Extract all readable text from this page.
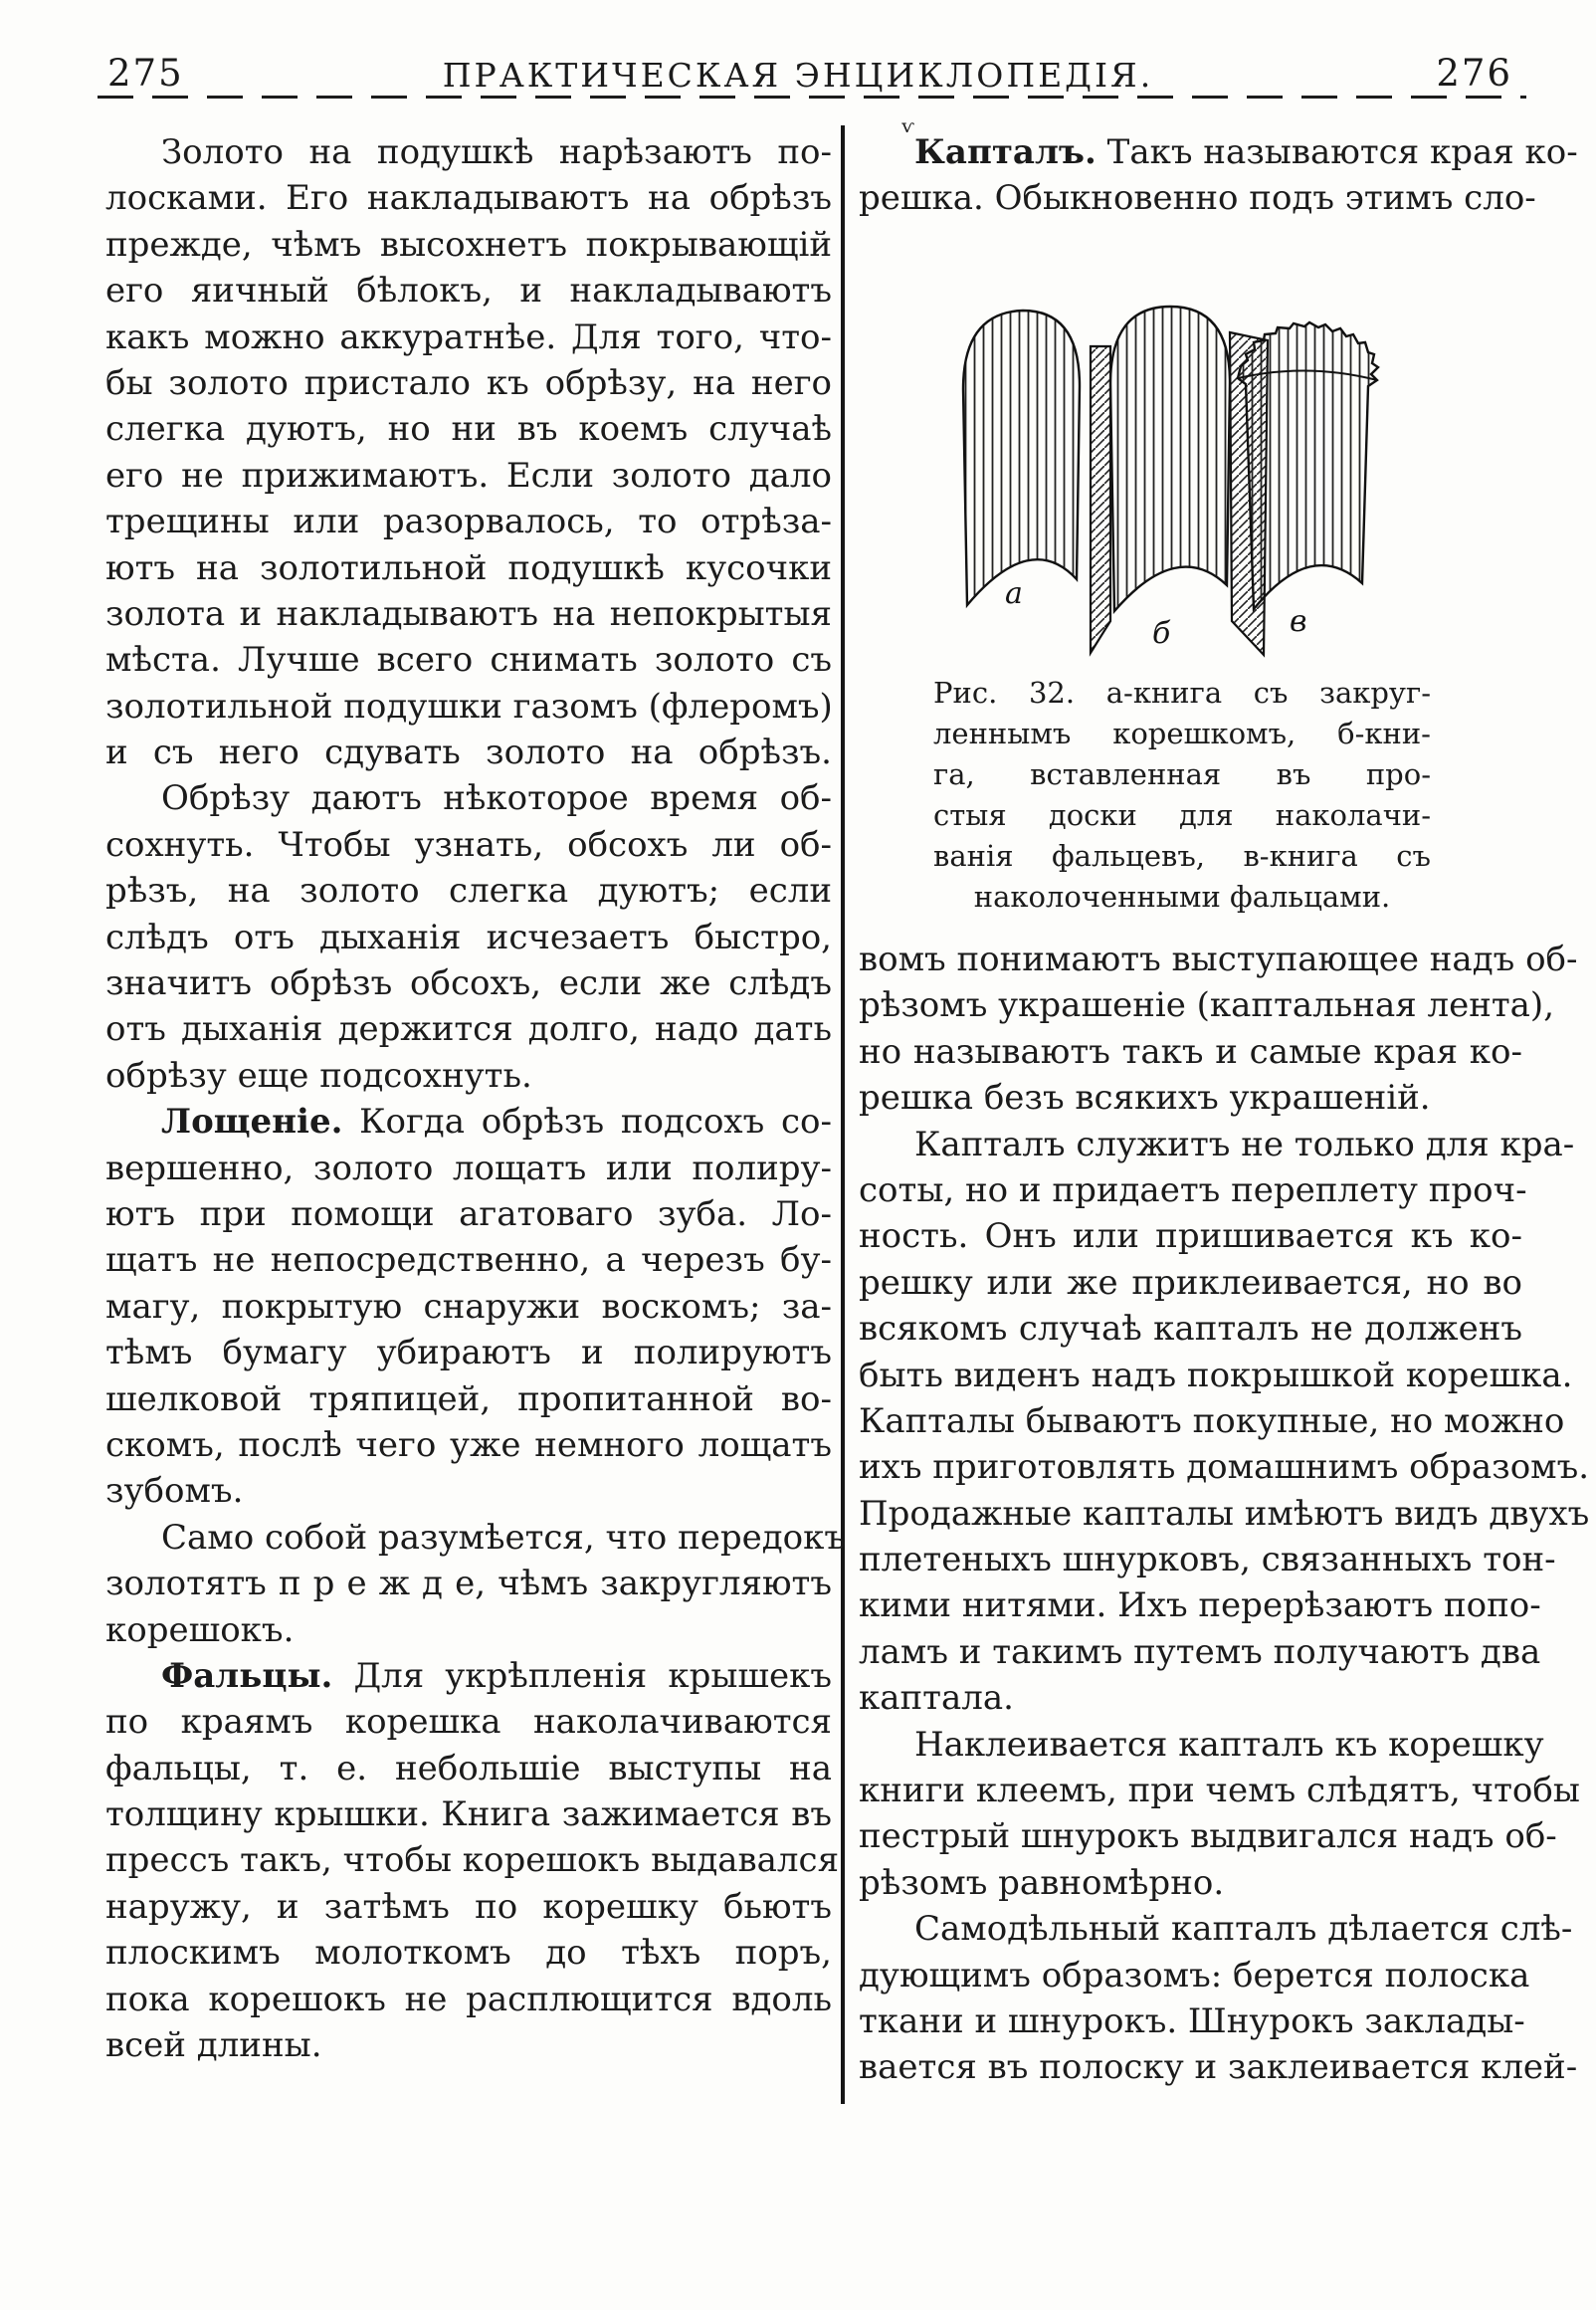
275	ПРАКТИЧЕСКАЯ ЭНЦИКЛОПЕДІЯ.	276
ѵ
Золото на подушкѣ нарѣзаютъ по-
лосками. Его накладываютъ на обрѣзъ
прежде, чѣмъ высохнетъ покрывающій
его яичный бѣлокъ, и накладываютъ
какъ можно аккуратнѣе. Для того, что-
бы золото пристало къ обрѣзу, на него
слегка дуютъ, но ни въ коемъ случаѣ
его не прижимаютъ. Если золото дало
трещины или разорвалось, то отрѣза-
ютъ на золотильной подушкѣ кусочки
золота и накладываютъ на непокрытыя
мѣста. Лучше всего снимать золото съ
золотильной подушки газомъ (флеромъ)
и съ него сдувать золото на обрѣзъ.
Обрѣзу даютъ нѣкоторое время об-
сохнуть. Чтобы узнать, обсохъ ли об-
рѣзъ, на золото слегка дуютъ; если
слѣдъ отъ дыханія исчезаетъ быстро,
значитъ обрѣзъ обсохъ, если же слѣдъ
отъ дыханія держится долго, надо дать
обрѣзу еще подсохнуть.
Лощеніе. Когда обрѣзъ подсохъ со-
вершенно, золото лощатъ или полиру-
ютъ при помощи агатоваго зуба. Ло-
щатъ не непосредственно, а черезъ бу-
магу, покрытую снаружи воскомъ; за-
тѣмъ бумагу убираютъ и полируютъ
шелковой тряпицей, пропитанной во-
скомъ, послѣ чего уже немного лощатъ
зубомъ.
Само собой разумѣется, что передокъ
золотятъ п р е ж д е, чѣмъ закругляютъ
корешокъ.
Фальцы. Для укрѣпленія крышекъ
по краямъ корешка наколачиваются
фальцы, т. е. небольшіе выступы на
толщину крышки. Книга зажимается въ
прессъ такъ, чтобы корешокъ выдавался
наружу, и затѣмъ по корешку бьютъ
плоскимъ молоткомъ до тѣхъ поръ,
пока корешокъ не расплющится вдоль
всей длины.
Капталъ. Такъ называются края ко-
решка. Обыкновенно подъ этимъ сло-
а
б	в
Рис. 32. а-книга съ закруг-
леннымъ корешкомъ, б-кни-
га, вставленная въ про-
стыя доски для наколачи-
ванія фальцевъ, в-книга съ
наколоченными фальцами.
вомъ понимаютъ выступающее надъ об-
рѣзомъ украшеніе (каптальная лента),
но называютъ такъ и самые края ко-
решка безъ всякихъ украшеній.
Капталъ служитъ не только для кра-
соты, но и придаетъ переплету проч-
ность. Онъ или пришивается къ ко-
решку или же приклеивается, но во
всякомъ случаѣ капталъ не долженъ
быть виденъ надъ покрышкой корешка.
Капталы бываютъ покупные, но можно
ихъ приготовлять домашнимъ образомъ.
Продажные капталы имѣютъ видъ двухъ
плетеныхъ шнурковъ, связанныхъ тон-
кими нитями. Ихъ перерѣзаютъ попо-
ламъ и такимъ путемъ получаютъ два
каптала.
Наклеивается капталъ къ корешку
книги клеемъ, при чемъ слѣдятъ, чтобы
пестрый шнурокъ выдвигался надъ об-
рѣзомъ равномѣрно.
Самодѣльный капталъ дѣлается слѣ-
дующимъ образомъ: берется полоска
ткани и шнурокъ. Шнурокъ заклады-
вается въ полоску и заклеивается клей-
